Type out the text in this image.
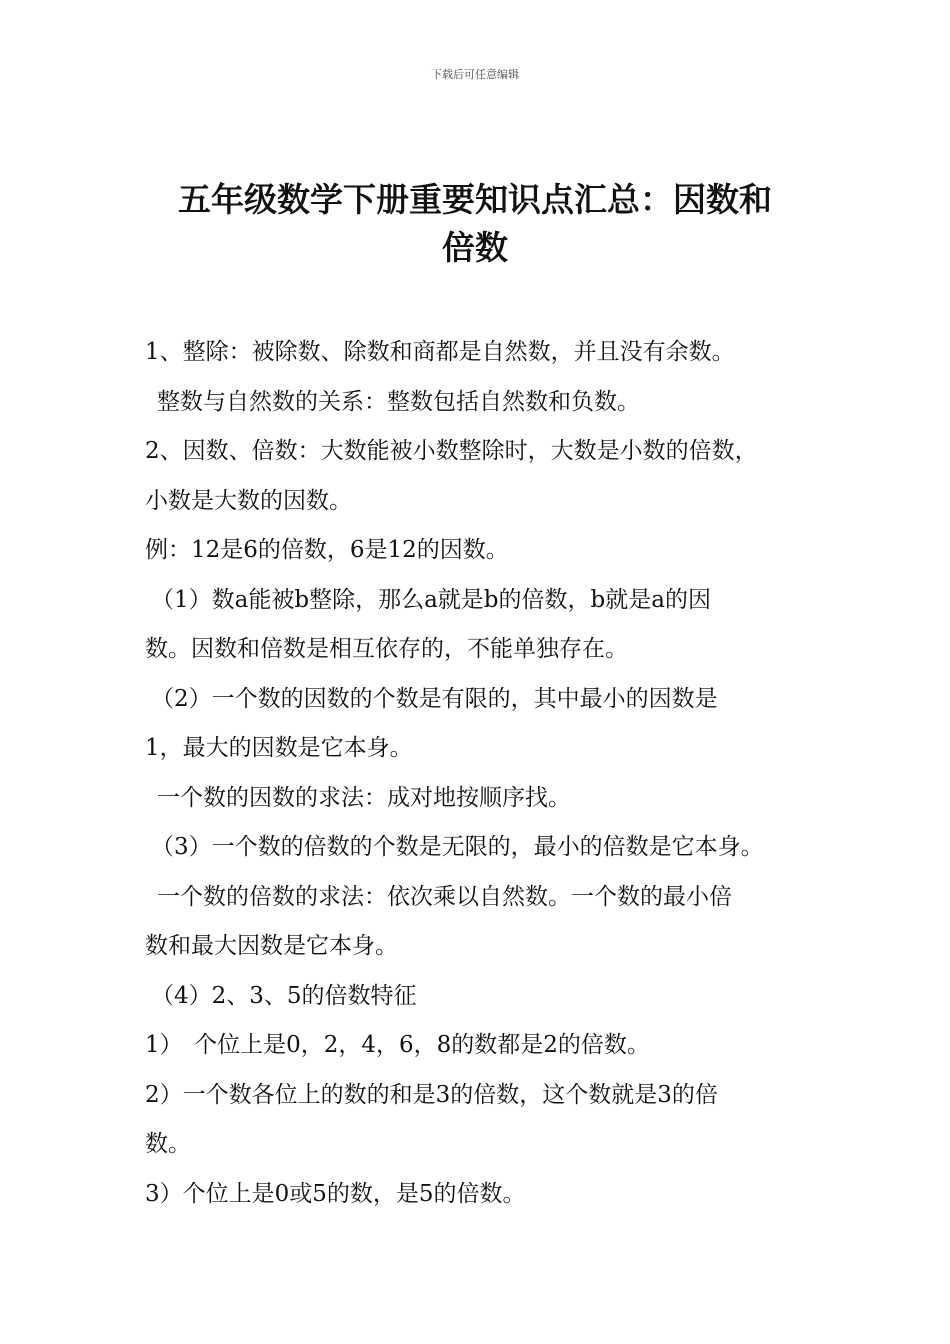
下载后可任意编辑
五年级数学下册重要知识点汇总：因数和
倍数

1、整除：被除数、除数和商都是自然数，并且没有余数。

整数与自然数的关系：整数包括自然数和负数。

2、因数、倍数：大数能被小数整除时，大数是小数的倍数，

小数是大数的因数。

例：12是6的倍数，6是12的因数。

（1）数a能被b整除，那么a就是b的倍数，b就是a的因

数。因数和倍数是相互依存的，不能单独存在。

（2）一个数的因数的个数是有限的，其中最小的因数是

1，最大的因数是它本身。

一个数的因数的求法：成对地按顺序找。

（3）一个数的倍数的个数是无限的，最小的倍数是它本身。

一个数的倍数的求法：依次乘以自然数。一个数的最小倍

数和最大因数是它本身。

（4）2、3、5的倍数特征

1）　个位上是0，2，4，6，8的数都是2的倍数。

2）一个数各位上的数的和是3的倍数，这个数就是3的倍

数。

3）个位上是0或5的数，是5的倍数。
